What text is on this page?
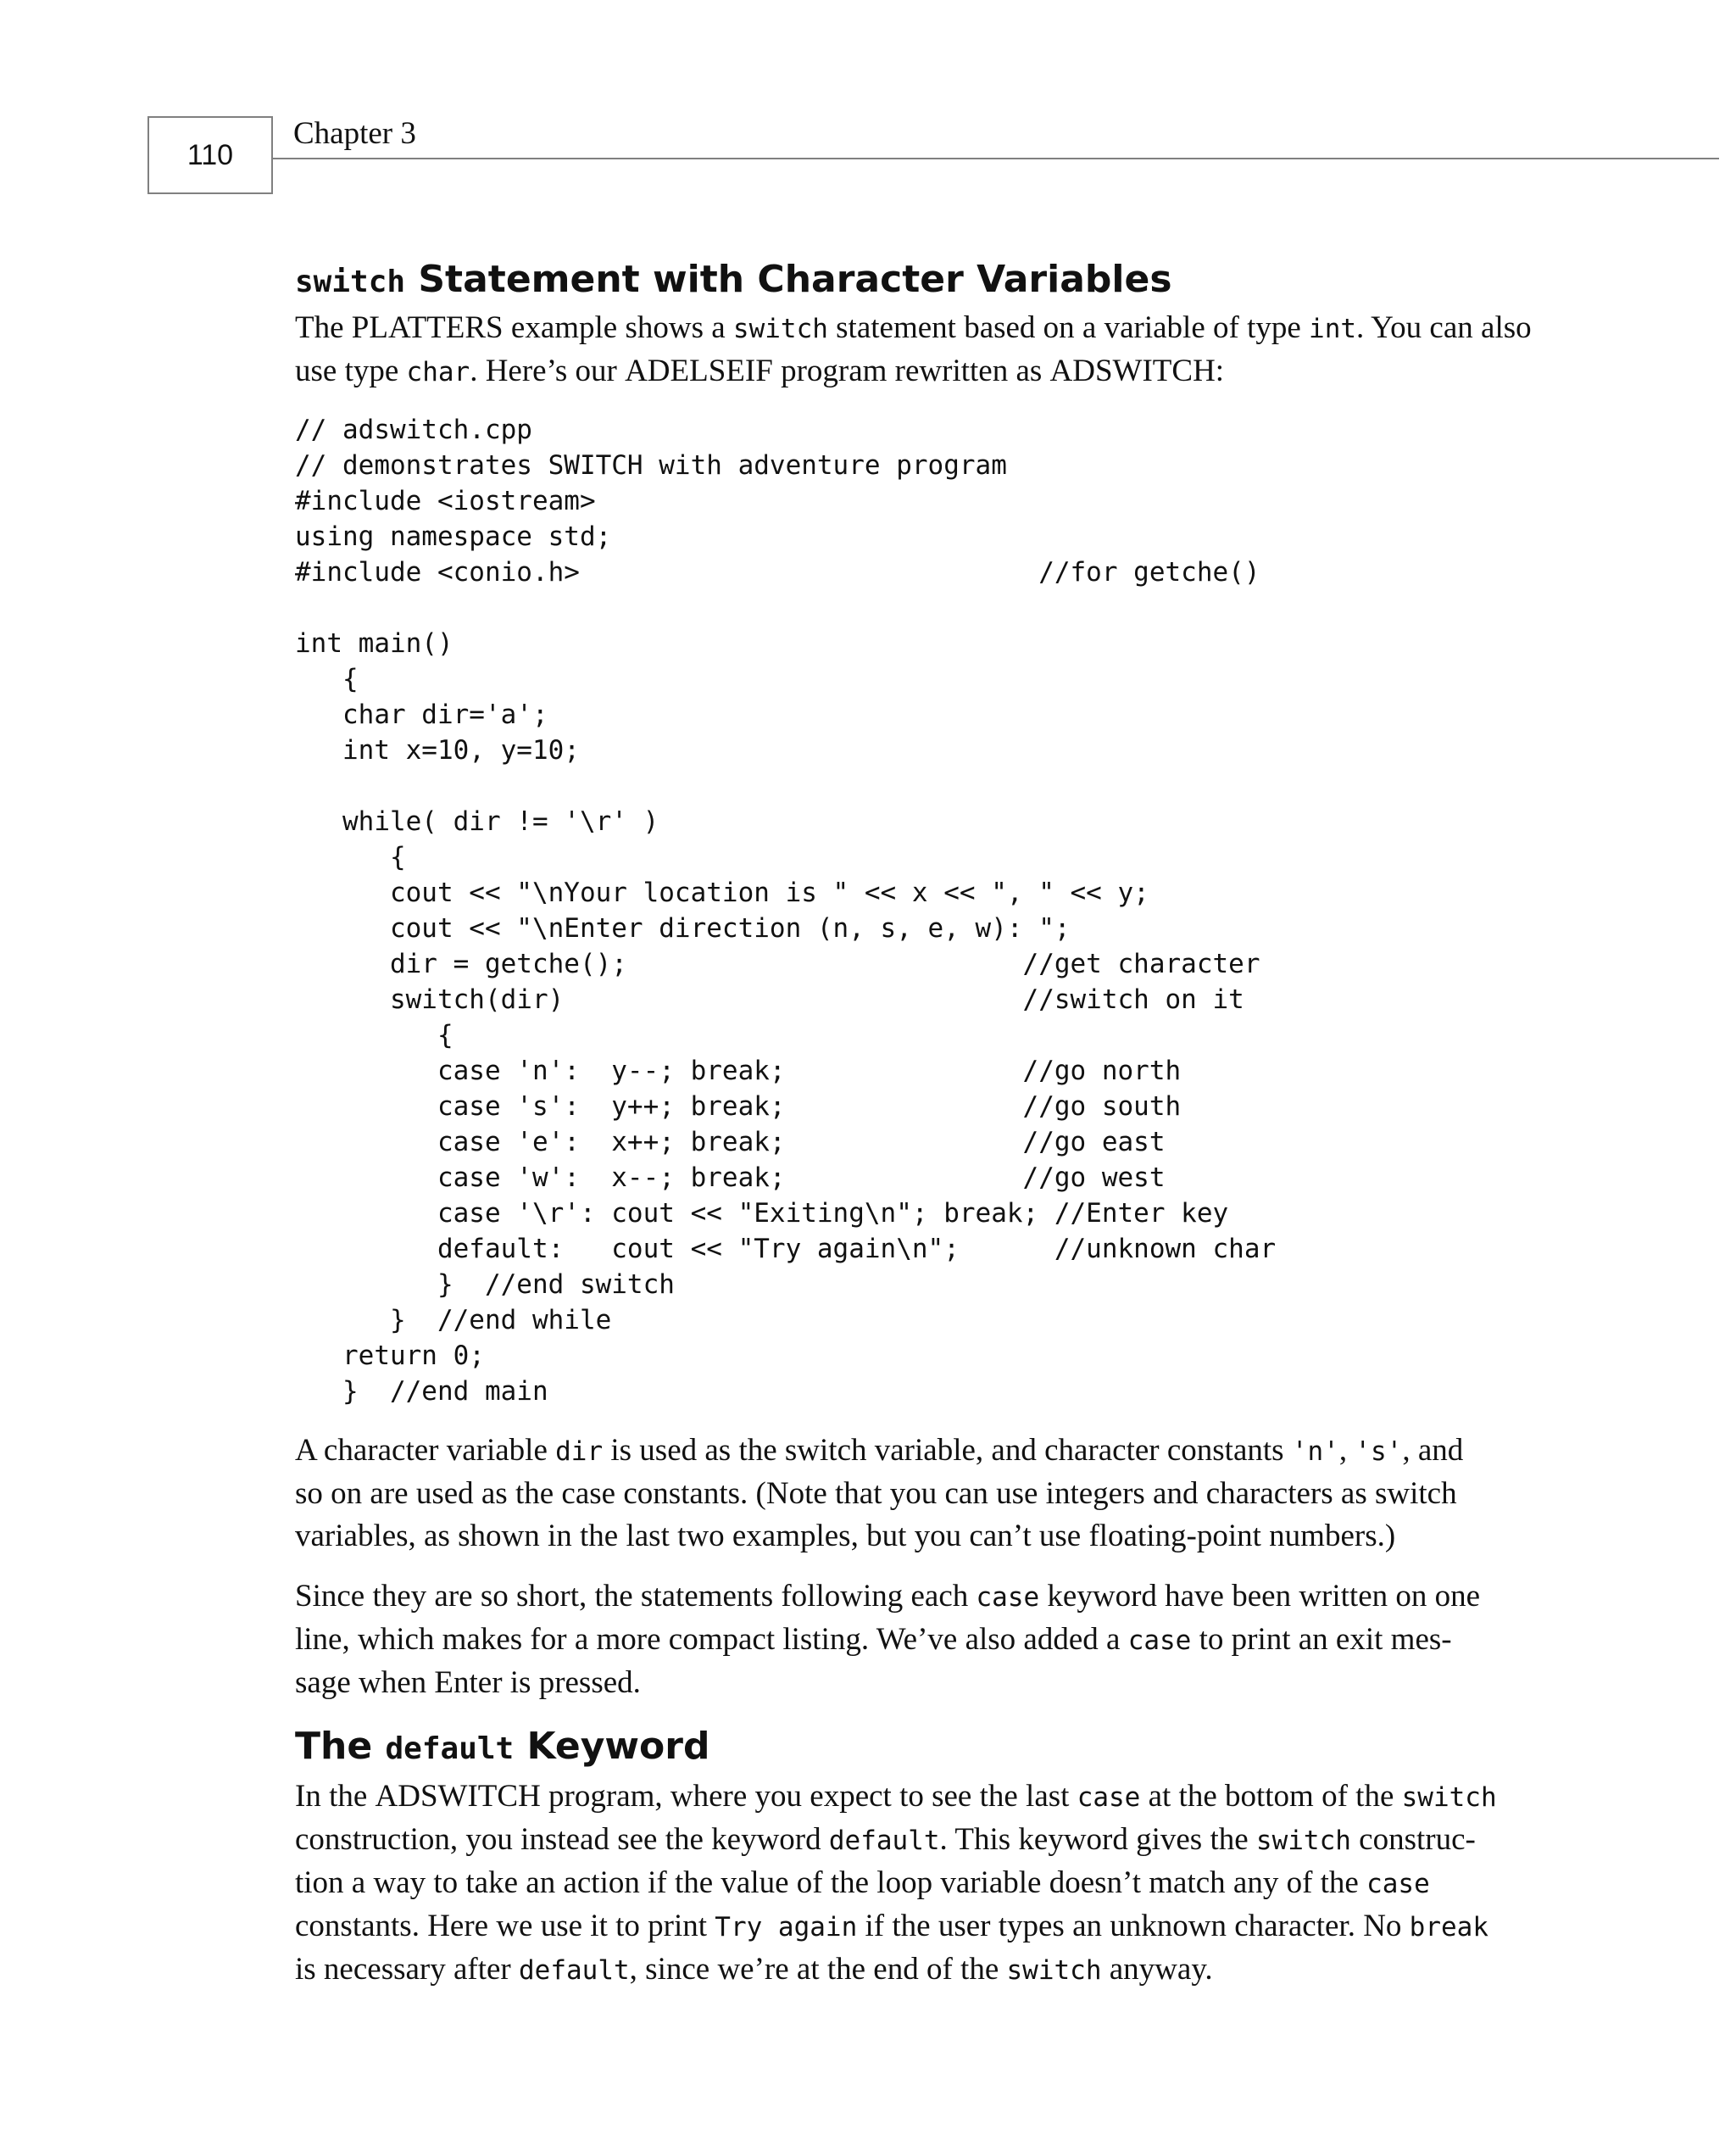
110
Chapter 3
switch Statement with Character Variables

The PLATTERS example shows a switch statement based on a variable of type int. You can also
use type char. Here’s our ADELSEIF program rewritten as ADSWITCH:

// adswitch.cpp
// demonstrates SWITCH with adventure program
#include <iostream>
using namespace std;
#include <conio.h>                             //for getche()
int main()
{
char dir='a';
int x=10, y=10;
while( dir != '\r' )
{
cout << "\nYour location is " << x << ", " << y;
cout << "\nEnter direction (n, s, e, w): ";
dir = getche();                         //get character
switch(dir)                             //switch on it
{
case 'n':  y--; break;               //go north
case 's':  y++; break;               //go south
case 'e':  x++; break;               //go east
case 'w':  x--; break;               //go west
case '\r': cout << "Exiting\n"; break; //Enter key
default:   cout << "Try again\n";      //unknown char
}  //end switch
}  //end while
return 0;
}  //end main

A character variable dir is used as the switch variable, and character constants 'n', 's', and
so on are used as the case constants. (Note that you can use integers and characters as switch
variables, as shown in the last two examples, but you can’t use floating-point numbers.)

Since they are so short, the statements following each case keyword have been written on one
line, which makes for a more compact listing. We’ve also added a case to print an exit mes-
sage when Enter is pressed.

The default Keyword

In the ADSWITCH program, where you expect to see the last case at the bottom of the switch
construction, you instead see the keyword default. This keyword gives the switch construc-
tion a way to take an action if the value of the loop variable doesn’t match any of the case
constants. Here we use it to print Try again if the user types an unknown character. No break
is necessary after default, since we’re at the end of the switch anyway.
